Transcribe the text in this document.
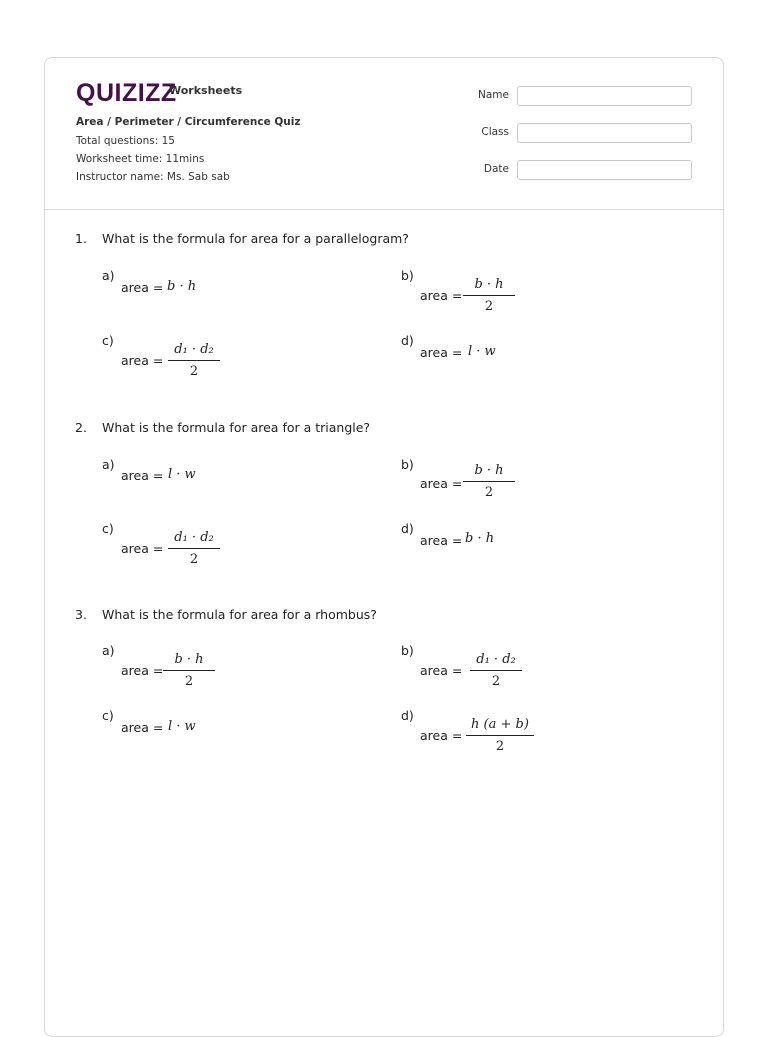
QUIZIZZ
Worksheets
Area / Perimeter / Circumference Quiz
Total questions: 15
Worksheet time: 11mins
Instructor name: Ms. Sab sab
Name
Class
Date
1. What is the formula for area for a parallelogram?
a)
area = b · h
b)
area =
b · h
2
c)
area =
d₁ · d₂
2
d)
area = l · w
2. What is the formula for area for a triangle?
a)
area = l · w
b)
area =
b · h
2
c)
area =
d₁ · d₂
2
d)
area = b · h
3. What is the formula for area for a rhombus?
a)
area =
b · h
2
b)
area =
d₁ · d₂
2
c)
area = l · w
d)
area =
h (a + b)
2
